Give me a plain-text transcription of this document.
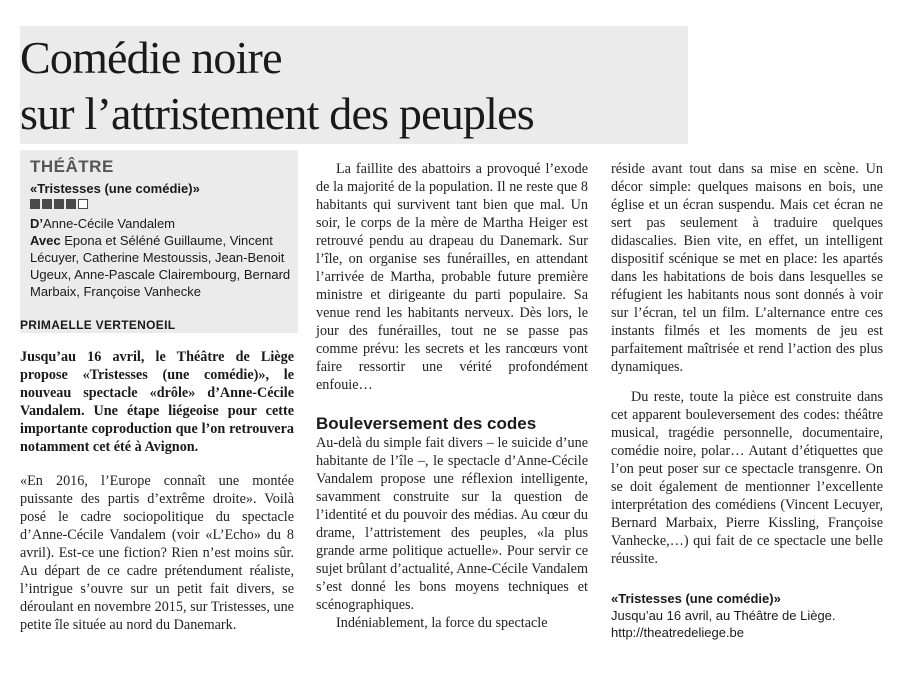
Comédie noire
sur l’attristement des peuples

THÉÂTRE

«Tristesses (une comédie)»
D’Anne-Cécile Vandalem
Avec Epona et Séléné Guillaume, Vincent Lécuyer, Catherine Mestoussis, Jean-Benoit Ugeux, Anne-Pascale Clairembourg, Bernard Marbaix, Françoise Vanhecke

PRIMAELLE VERTENOEIL

Jusqu’au 16 avril, le Théâtre de Liège propose «Tristesses (une comédie)», le nouveau spectacle «drôle» d’Anne-Cécile Vandalem. Une étape liégeoise pour cette importante coproduction que l’on retrouvera notamment cet été à Avignon.

«En 2016, l’Europe connaît une montée puissante des partis d’extrême droite». Voilà posé le cadre sociopolitique du spectacle d’Anne-Cécile Vandalem (voir «L’Echo» du 8 avril). Est-ce une fiction? Rien n’est moins sûr. Au départ de ce cadre prétendument réaliste, l’intrigue s’ouvre sur un petit fait divers, se déroulant en novembre 2015, sur Tristesses, une petite île située au nord du Danemark.

La faillite des abattoirs a provoqué l’exode de la majorité de la population. Il ne reste que 8 habitants qui survivent tant bien que mal. Un soir, le corps de la mère de Martha Heiger est retrouvé pendu au drapeau du Danemark. Sur l’île, on organise ses funérailles, en attendant l’arrivée de Martha, probable future première ministre et dirigeante du parti populaire. Sa venue rend les habitants nerveux. Dès lors, le jour des funérailles, tout ne se passe pas comme prévu: les secrets et les rancœurs vont faire ressortir une vérité profondément enfouie…

Bouleversement des codes

Au-delà du simple fait divers – le suicide d’une habitante de l’île –, le spectacle d’Anne-Cécile Vandalem propose une réflexion intelligente, savamment construite sur la question de l’identité et du pouvoir des médias. Au cœur du drame, l’attristement des peuples, «la plus grande arme politique actuelle». Pour servir ce sujet brûlant d’actualité, Anne-Cécile Vandalem s’est donné les bons moyens techniques et scénographiques.

Indéniablement, la force du spectacle

réside avant tout dans sa mise en scène. Un décor simple: quelques maisons en bois, une église et un écran suspendu. Mais cet écran ne sert pas seulement à traduire quelques didascalies. Bien vite, en effet, un intelligent dispositif scénique se met en place: les apartés dans les habitations de bois dans lesquelles se réfugient les habitants nous sont donnés à voir sur l’écran, tel un film. L’alternance entre ces instants filmés et les moments de jeu est parfaitement maîtrisée et rend l’action des plus dynamiques.

Du reste, toute la pièce est construite dans cet apparent bouleversement des codes: théâtre musical, tragédie personnelle, documentaire, comédie noire, polar… Autant d’étiquettes que l’on peut poser sur ce spectacle transgenre. On se doit également de mentionner l’excellente interprétation des comédiens (Vincent Lecuyer, Bernard Marbaix, Pierre Kissling, Françoise Vanhecke,…) qui fait de ce spectacle une belle réussite.

«Tristesses (une comédie)»
Jusqu’au 16 avril, au Théâtre de Liège.
http://theatredeliege.be
